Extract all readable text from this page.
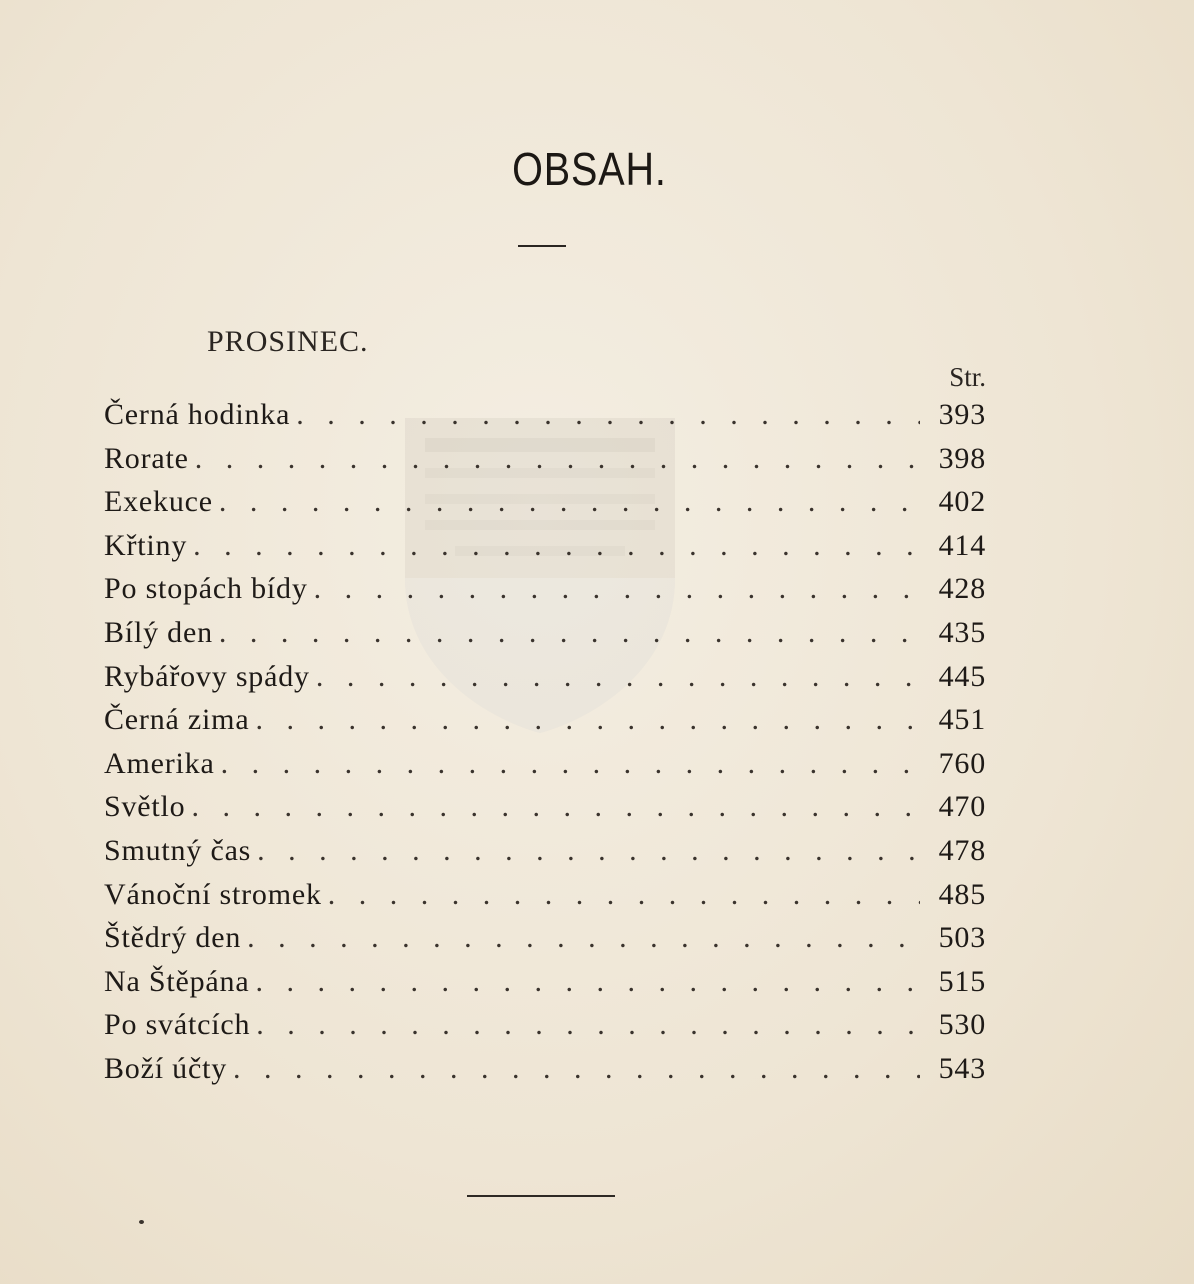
OBSAH.
PROSINEC.
Str.
Černá hodinka . . .	393
Rorate . . .	398
Exekuce . . .	402
Křtiny . . .	414
Po stopách bídy . . .	428
Bílý den . . .	435
Rybářovy spády . . .	445
Černá zima . . .	451
Amerika . . .	760
Světlo . . .	470
Smutný čas . . .	478
Vánoční stromek . . .	485
Štědrý den . . .	503
Na Štěpána . . .	515
Po svátcích . . .	530
Boží účty . . .	543
